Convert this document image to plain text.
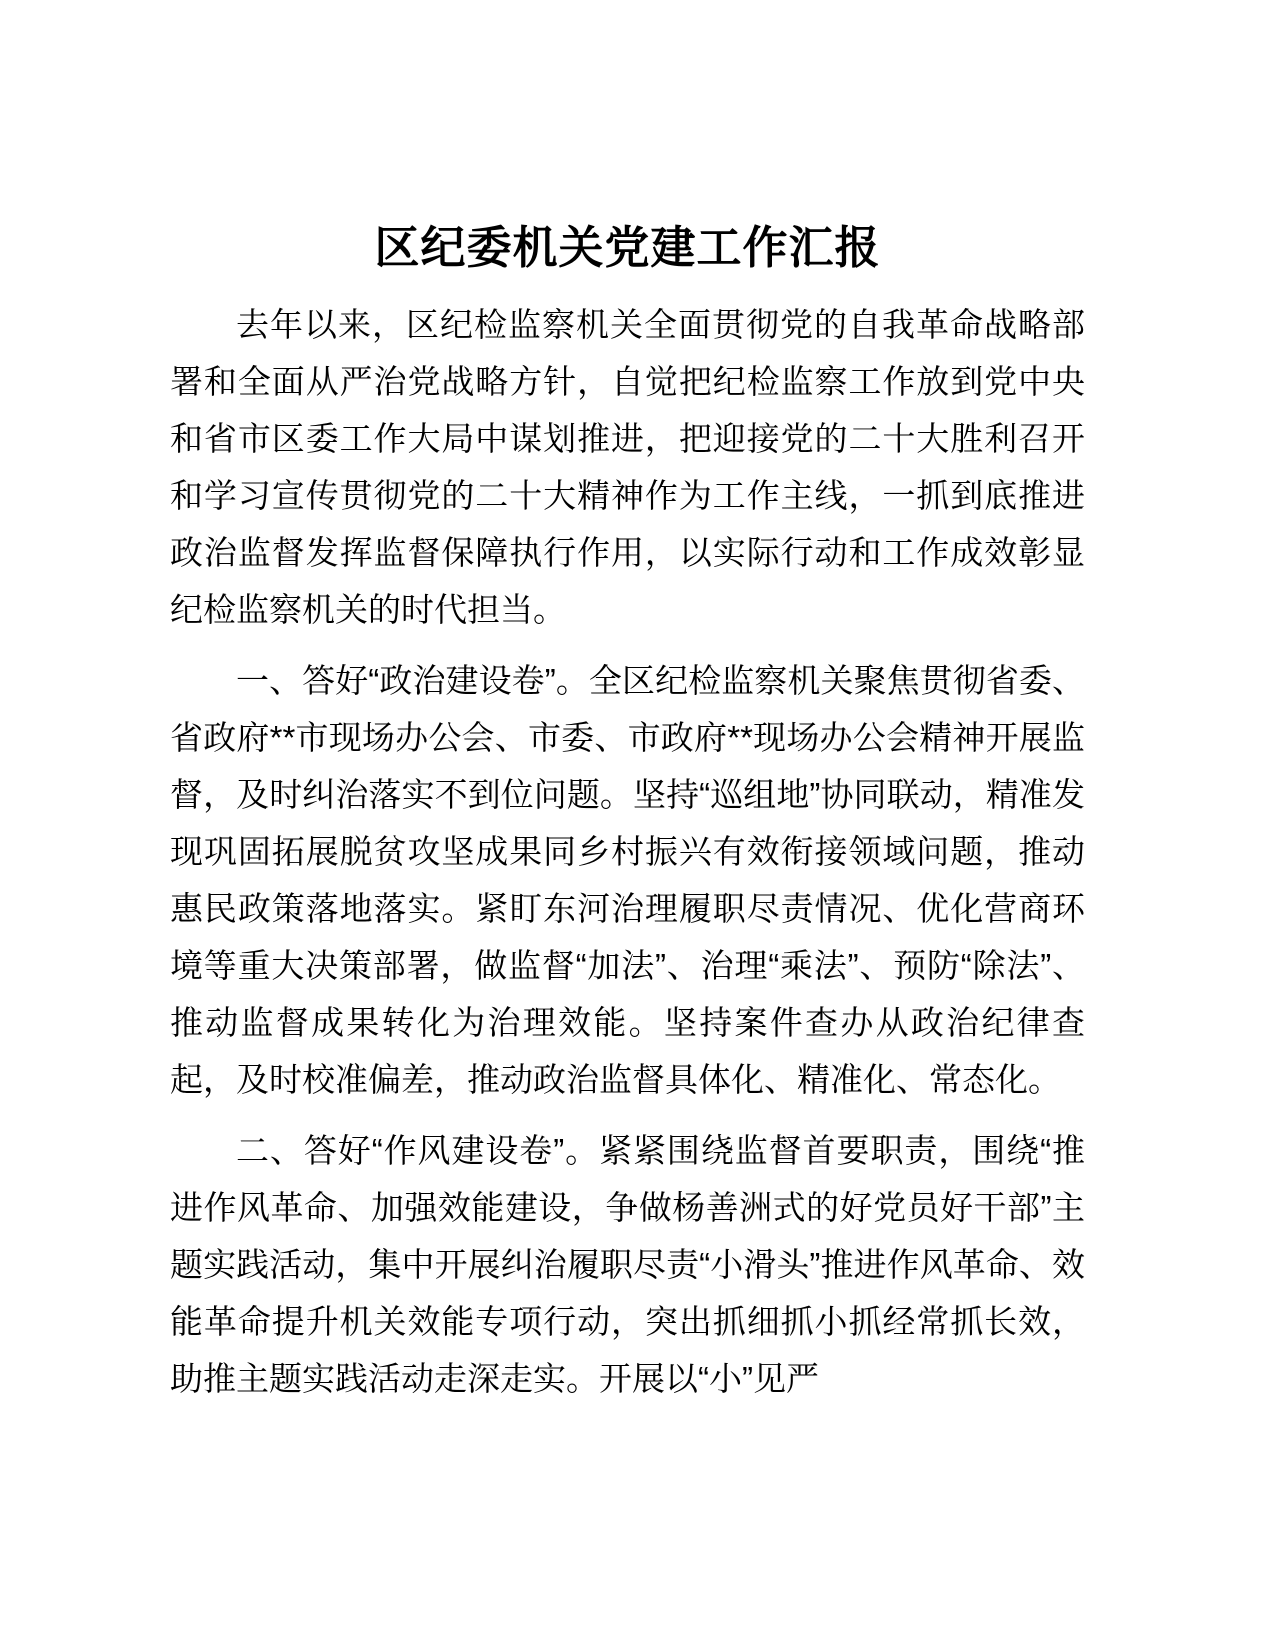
区纪委机关党建工作汇报

去年以来，区纪检监察机关全面贯彻党的自我革命战略部署和全面从严治党战略方针，自觉把纪检监察工作放到党中央和省市区委工作大局中谋划推进，把迎接党的二十大胜利召开和学习宣传贯彻党的二十大精神作为工作主线，一抓到底推进政治监督发挥监督保障执行作用，以实际行动和工作成效彰显纪检监察机关的时代担当。

一、答好“政治建设卷”。全区纪检监察机关聚焦贯彻省委、省政府**市现场办公会、市委、市政府**现场办公会精神开展监督，及时纠治落实不到位问题。坚持“巡组地”协同联动，精准发现巩固拓展脱贫攻坚成果同乡村振兴有效衔接领域问题，推动惠民政策落地落实。紧盯东河治理履职尽责情况、优化营商环境等重大决策部署，做监督“加法”、治理“乘法”、预防“除法”、推动监督成果转化为治理效能。坚持案件查办从政治纪律查起，及时校准偏差，推动政治监督具体化、精准化、常态化。

二、答好“作风建设卷”。紧紧围绕监督首要职责，围绕“推进作风革命、加强效能建设，争做杨善洲式的好党员好干部”主题实践活动，集中开展纠治履职尽责“小滑头”推进作风革命、效能革命提升机关效能专项行动，突出抓细抓小抓经常抓长效，助推主题实践活动走深走实。开展以“小”见严
